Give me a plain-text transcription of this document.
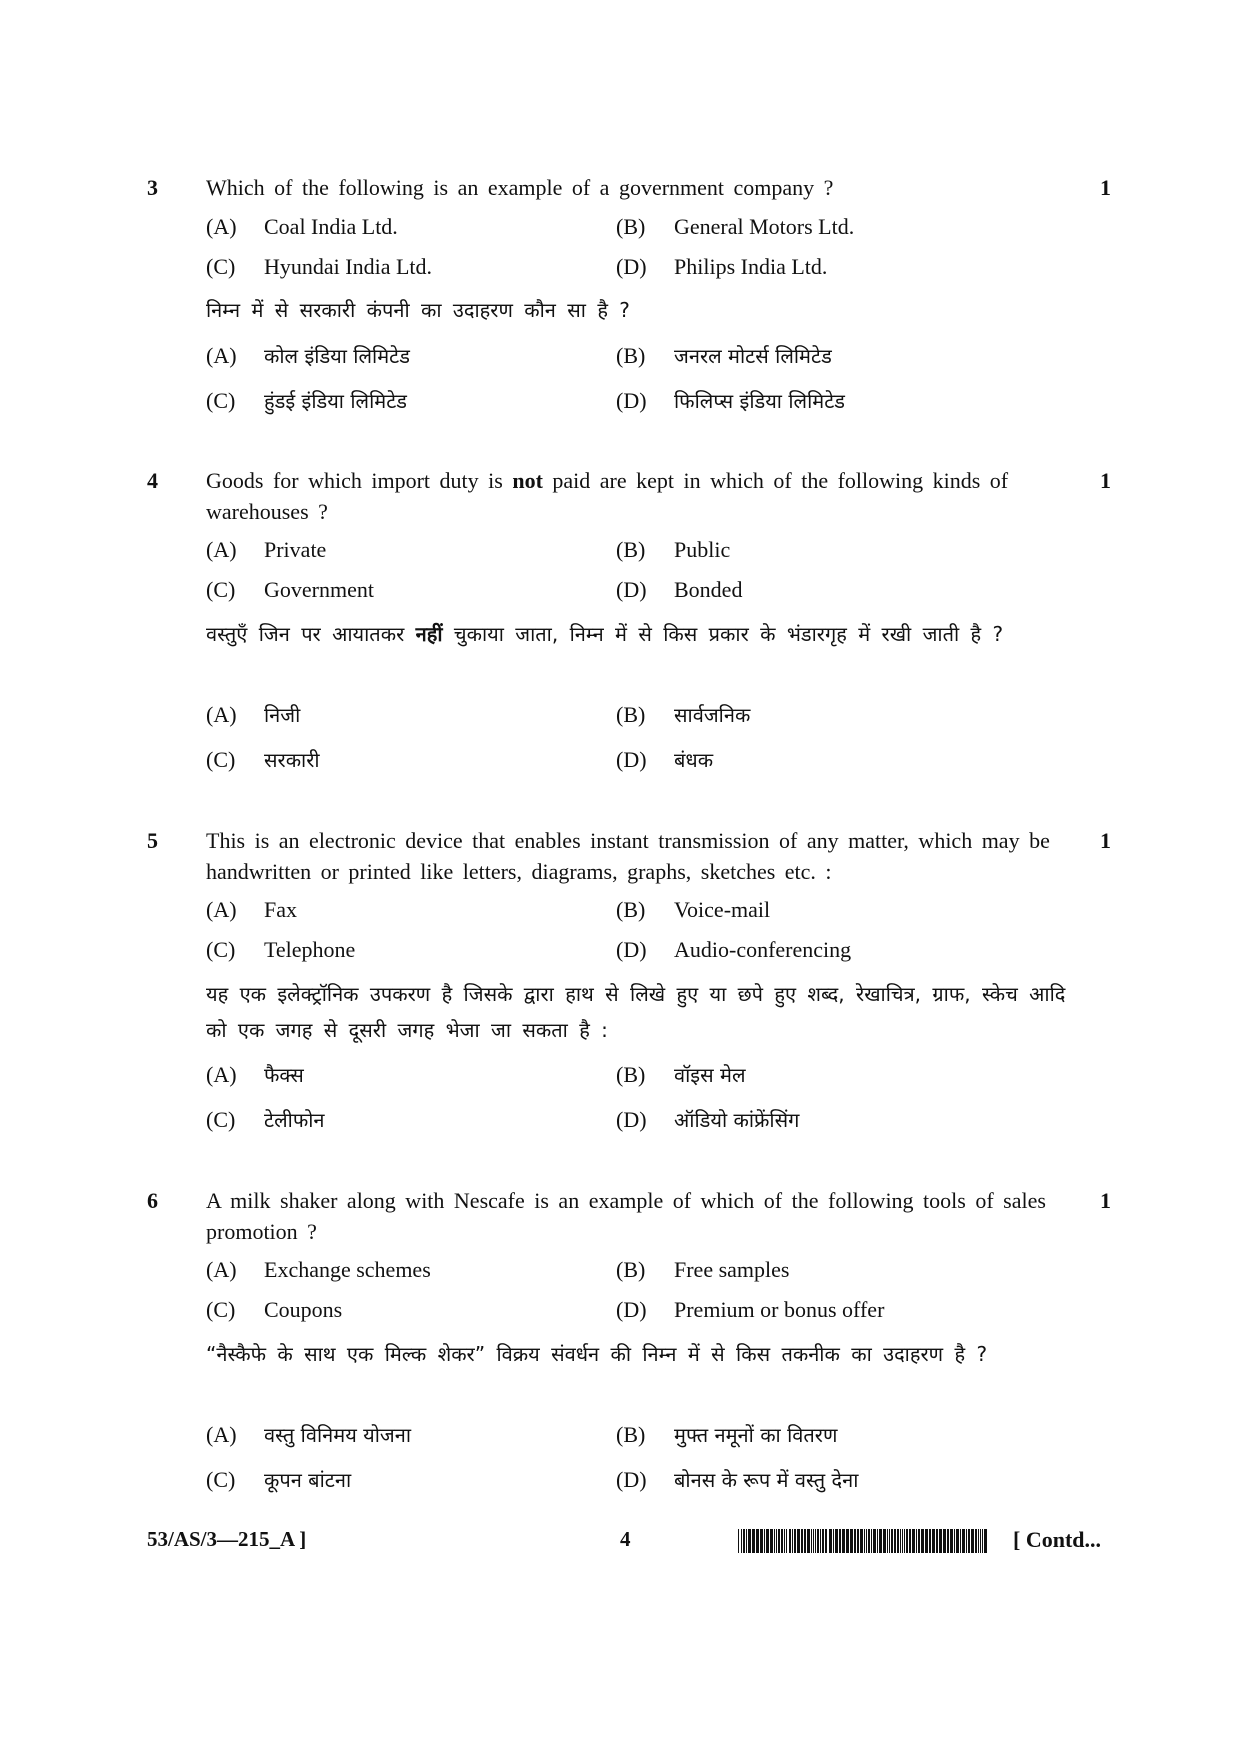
3	1
Which of the following is an example of a government company ?
(A) Coal India Ltd.	(B) General Motors Ltd.
(C) Hyundai India Ltd.	(D) Philips India Ltd.
निम्न में से सरकारी कंपनी का उदाहरण कौन सा है ?
(A) कोल इंडिया लिमिटेड	(B) जनरल मोटर्स लिमिटेड
(C) हुंडई इंडिया लिमिटेड	(D) फिलिप्स इंडिया लिमिटेड
4	1
Goods for which import duty is not paid are kept in which of the following kinds of warehouses ?
(A) Private	(B) Public
(C) Government	(D) Bonded
वस्तुएँ जिन पर आयातकर नहीं चुकाया जाता, निम्न में से किस प्रकार के भंडारगृह में रखी जाती है ?
(A) निजी	(B) सार्वजनिक
(C) सरकारी	(D) बंधक
5	1
This is an electronic device that enables instant transmission of any matter, which may be handwritten or printed like letters, diagrams, graphs, sketches etc. :
(A) Fax	(B) Voice-mail
(C) Telephone	(D) Audio-conferencing
यह एक इलेक्ट्रॉनिक उपकरण है जिसके द्वारा हाथ से लिखे हुए या छपे हुए शब्द, रेखाचित्र, ग्राफ, स्केच आदि को एक जगह से दूसरी जगह भेजा जा सकता है :
(A) फैक्स	(B) वॉइस मेल
(C) टेलीफोन	(D) ऑडियो कांफ्रेंसिंग
6	1
A milk shaker along with Nescafe is an example of which of the following tools of sales promotion ?
(A) Exchange schemes	(B) Free samples
(C) Coupons	(D) Premium or bonus offer
“नैस्कैफे के साथ एक मिल्क शेकर” विक्रय संवर्धन की निम्न में से किस तकनीक का उदाहरण है ?
(A) वस्तु विनिमय योजना	(B) मुफ्त नमूनों का वितरण
(C) कूपन बांटना	(D) बोनस के रूप में वस्तु देना
53/AS/3—215_A ]	4	[ Contd...
